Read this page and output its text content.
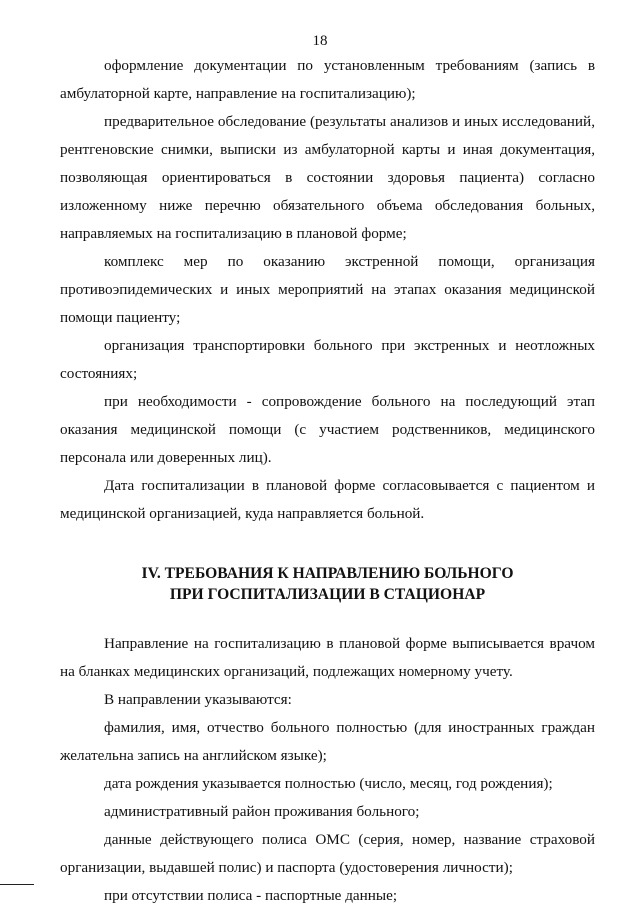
18

оформление документации по установленным требованиям (запись в амбулаторной карте, направление на госпитализацию);

предварительное обследование (результаты анализов и иных исследований, рентгеновские снимки, выписки из амбулаторной карты и иная документация, позволяющая ориентироваться в состоянии здоровья пациента) согласно изложенному ниже перечню обязательного объема обследования больных, направляемых на госпитализацию в плановой форме;

комплекс мер по оказанию экстренной помощи, организация противоэпидемических и иных мероприятий на этапах оказания медицинской помощи пациенту;

организация транспортировки больного при экстренных и неотложных состояниях;

при необходимости - сопровождение больного на последующий этап оказания медицинской помощи (с участием родственников, медицинского персонала или доверенных лиц).

Дата госпитализации в плановой форме согласовывается с пациентом и медицинской организацией, куда направляется больной.

IV. ТРЕБОВАНИЯ К НАПРАВЛЕНИЮ БОЛЬНОГО
ПРИ ГОСПИТАЛИЗАЦИИ В СТАЦИОНАР

Направление на госпитализацию в плановой форме выписывается врачом на бланках медицинских организаций, подлежащих номерному учету.

В направлении указываются:

фамилия, имя, отчество больного полностью (для иностранных граждан желательна запись на английском языке);

дата рождения указывается полностью (число, месяц, год рождения);

административный район проживания больного;

данные действующего полиса ОМС (серия, номер, название страховой организации, выдавшей полис) и паспорта (удостоверения личности);

при отсутствии полиса - паспортные данные;
